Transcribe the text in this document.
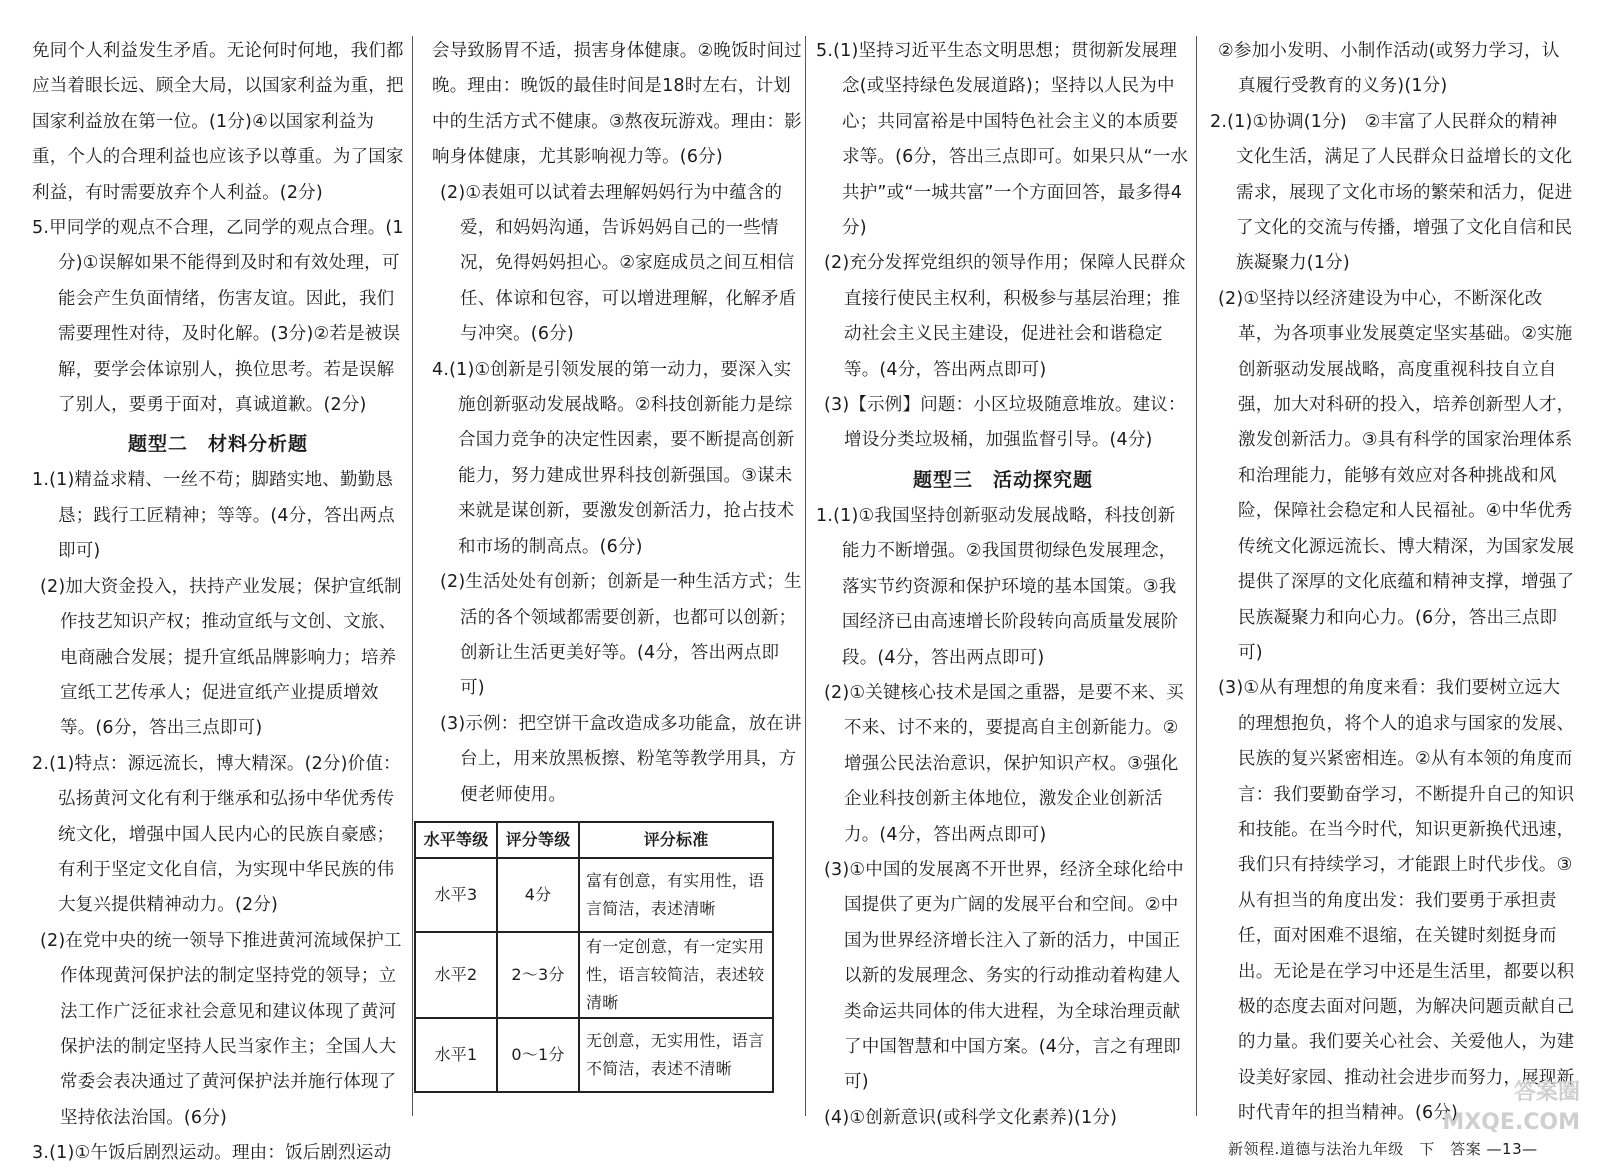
免同个人利益发生矛盾。无论何时何地，我们都应当着眼长远、顾全大局，以国家利益为重，把国家利益放在第一位。(1分)④以国家利益为重，个人的合理利益也应该予以尊重。为了国家利益，有时需要放弃个人利益。(2分)

5.甲同学的观点不合理，乙同学的观点合理。(1分)①误解如果不能得到及时和有效处理，可能会产生负面情绪，伤害友谊。因此，我们需要理性对待，及时化解。(3分)②若是被误解，要学会体谅别人，换位思考。若是误解了别人，要勇于面对，真诚道歉。(2分)

题型二　材料分析题

1.(1)精益求精、一丝不苟；脚踏实地、勤勤恳恳；践行工匠精神；等等。(4分，答出两点即可)

(2)加大资金投入，扶持产业发展；保护宣纸制作技艺知识产权；推动宣纸与文创、文旅、电商融合发展；提升宣纸品牌影响力；培养宣纸工艺传承人；促进宣纸产业提质增效等。(6分，答出三点即可)

2.(1)特点：源远流长，博大精深。(2分)价值：弘扬黄河文化有利于继承和弘扬中华优秀传统文化，增强中国人民内心的民族自豪感；有利于坚定文化自信，为实现中华民族的伟大复兴提供精神动力。(2分)

(2)在党中央的统一领导下推进黄河流域保护工作体现黄河保护法的制定坚持党的领导；立法工作广泛征求社会意见和建议体现了黄河保护法的制定坚持人民当家作主；全国人大常委会表决通过了黄河保护法并施行体现了坚持依法治国。(6分)

3.(1)①午饭后剧烈运动。理由：饭后剧烈运动

会导致肠胃不适，损害身体健康。②晚饭时间过晚。理由：晚饭的最佳时间是18时左右，计划中的生活方式不健康。③熬夜玩游戏。理由：影响身体健康，尤其影响视力等。(6分)

(2)①表姐可以试着去理解妈妈行为中蕴含的爱，和妈妈沟通，告诉妈妈自己的一些情况，免得妈妈担心。②家庭成员之间互相信任、体谅和包容，可以增进理解，化解矛盾与冲突。(6分)

4.(1)①创新是引领发展的第一动力，要深入实施创新驱动发展战略。②科技创新能力是综合国力竞争的决定性因素，要不断提高创新能力，努力建成世界科技创新强国。③谋未来就是谋创新，要激发创新活力，抢占技术和市场的制高点。(6分)

(2)生活处处有创新；创新是一种生活方式；生活的各个领域都需要创新，也都可以创新；创新让生活更美好等。(4分，答出两点即可)

(3)示例：把空饼干盒改造成多功能盒，放在讲台上，用来放黑板擦、粉笔等教学用具，方便老师使用。

水平等级	评分等级	评分标准
水平3	4分	富有创意，有实用性，语言简洁，表述清晰
水平2	2～3分	有一定创意，有一定实用性，语言较简洁，表述较清晰
水平1	0～1分	无创意，无实用性，语言不简洁，表述不清晰

5.(1)坚持习近平生态文明思想；贯彻新发展理念(或坚持绿色发展道路)；坚持以人民为中心；共同富裕是中国特色社会主义的本质要求等。(6分，答出三点即可。如果只从“一水共护”或“一城共富”一个方面回答，最多得4分)

(2)充分发挥党组织的领导作用；保障人民群众直接行使民主权利，积极参与基层治理；推动社会主义民主建设，促进社会和谐稳定等。(4分，答出两点即可)

(3)【示例】问题：小区垃圾随意堆放。建议：增设分类垃圾桶，加强监督引导。(4分)

题型三　活动探究题

1.(1)①我国坚持创新驱动发展战略，科技创新能力不断增强。②我国贯彻绿色发展理念，落实节约资源和保护环境的基本国策。③我国经济已由高速增长阶段转向高质量发展阶段。(4分，答出两点即可)

(2)①关键核心技术是国之重器，是要不来、买不来、讨不来的，要提高自主创新能力。②增强公民法治意识，保护知识产权。③强化企业科技创新主体地位，激发企业创新活力。(4分，答出两点即可)

(3)①中国的发展离不开世界，经济全球化给中国提供了更为广阔的发展平台和空间。②中国为世界经济增长注入了新的活力，中国正以新的发展理念、务实的行动推动着构建人类命运共同体的伟大进程，为全球治理贡献了中国智慧和中国方案。(4分，言之有理即可)

(4)①创新意识(或科学文化素养)(1分)

②参加小发明、小制作活动(或努力学习，认真履行受教育的义务)(1分)

2.(1)①协调(1分)　②丰富了人民群众的精神文化生活，满足了人民群众日益增长的文化需求，展现了文化市场的繁荣和活力，促进了文化的交流与传播，增强了文化自信和民族凝聚力(1分)

(2)①坚持以经济建设为中心，不断深化改革，为各项事业发展奠定坚实基础。②实施创新驱动发展战略，高度重视科技自立自强，加大对科研的投入，培养创新型人才，激发创新活力。③具有科学的国家治理体系和治理能力，能够有效应对各种挑战和风险，保障社会稳定和人民福祉。④中华优秀传统文化源远流长、博大精深，为国家发展提供了深厚的文化底蕴和精神支撑，增强了民族凝聚力和向心力。(6分，答出三点即可)

(3)①从有理想的角度来看：我们要树立远大的理想抱负，将个人的追求与国家的发展、民族的复兴紧密相连。②从有本领的角度而言：我们要勤奋学习，不断提升自己的知识和技能。在当今时代，知识更新换代迅速，我们只有持续学习，才能跟上时代步伐。③从有担当的角度出发：我们要勇于承担责任，面对困难不退缩，在关键时刻挺身而出。无论是在学习中还是生活里，都要以积极的态度去面对问题，为解决问题贡献自己的力量。我们要关心社会、关爱他人，为建设美好家园、推动社会进步而努力，展现新时代青年的担当精神。(6分)

答案圈 MXQE.COM
新领程.道德与法治九年级　下　答案 —13—
